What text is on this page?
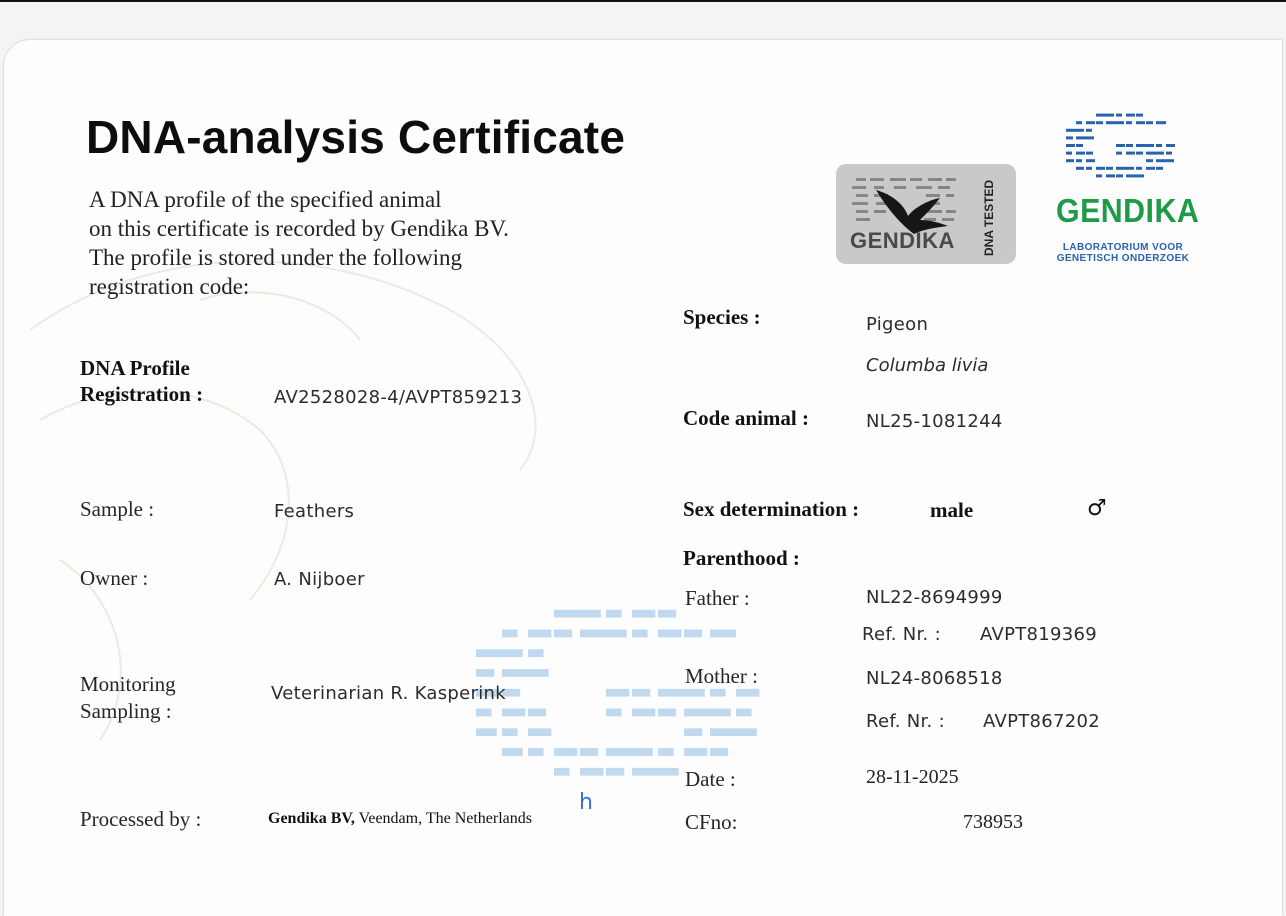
DNA-analysis Certificate
A DNA profile of the specified animal
on this certificate is recorded by Gendika BV.
The profile is stored under the following
registration code:
GENDIKA DNA TESTED GENDIKA
LABORATORIUM VOOR
GENETISCH ONDERZOEK
DNA Profile
Registration :	AV2528028-4/AVPT859213
Sample :	Feathers
Owner :	A. Nijboer
Monitoring
Sampling :
Veterinarian R. Kasperink
Processed by :	Gendika BV, Veendam, The Netherlands
h
Species :	Pigeon
Columba livia
Code animal :	NL25-1081244
Sex determination :	male	♂
Parenthood :
Father :	NL22-8694999
Ref. Nr. : AVPT819369
Mother :	NL24-8068518
Ref. Nr. : AVPT867202
Date :	28-11-2025
CFno:	738953
